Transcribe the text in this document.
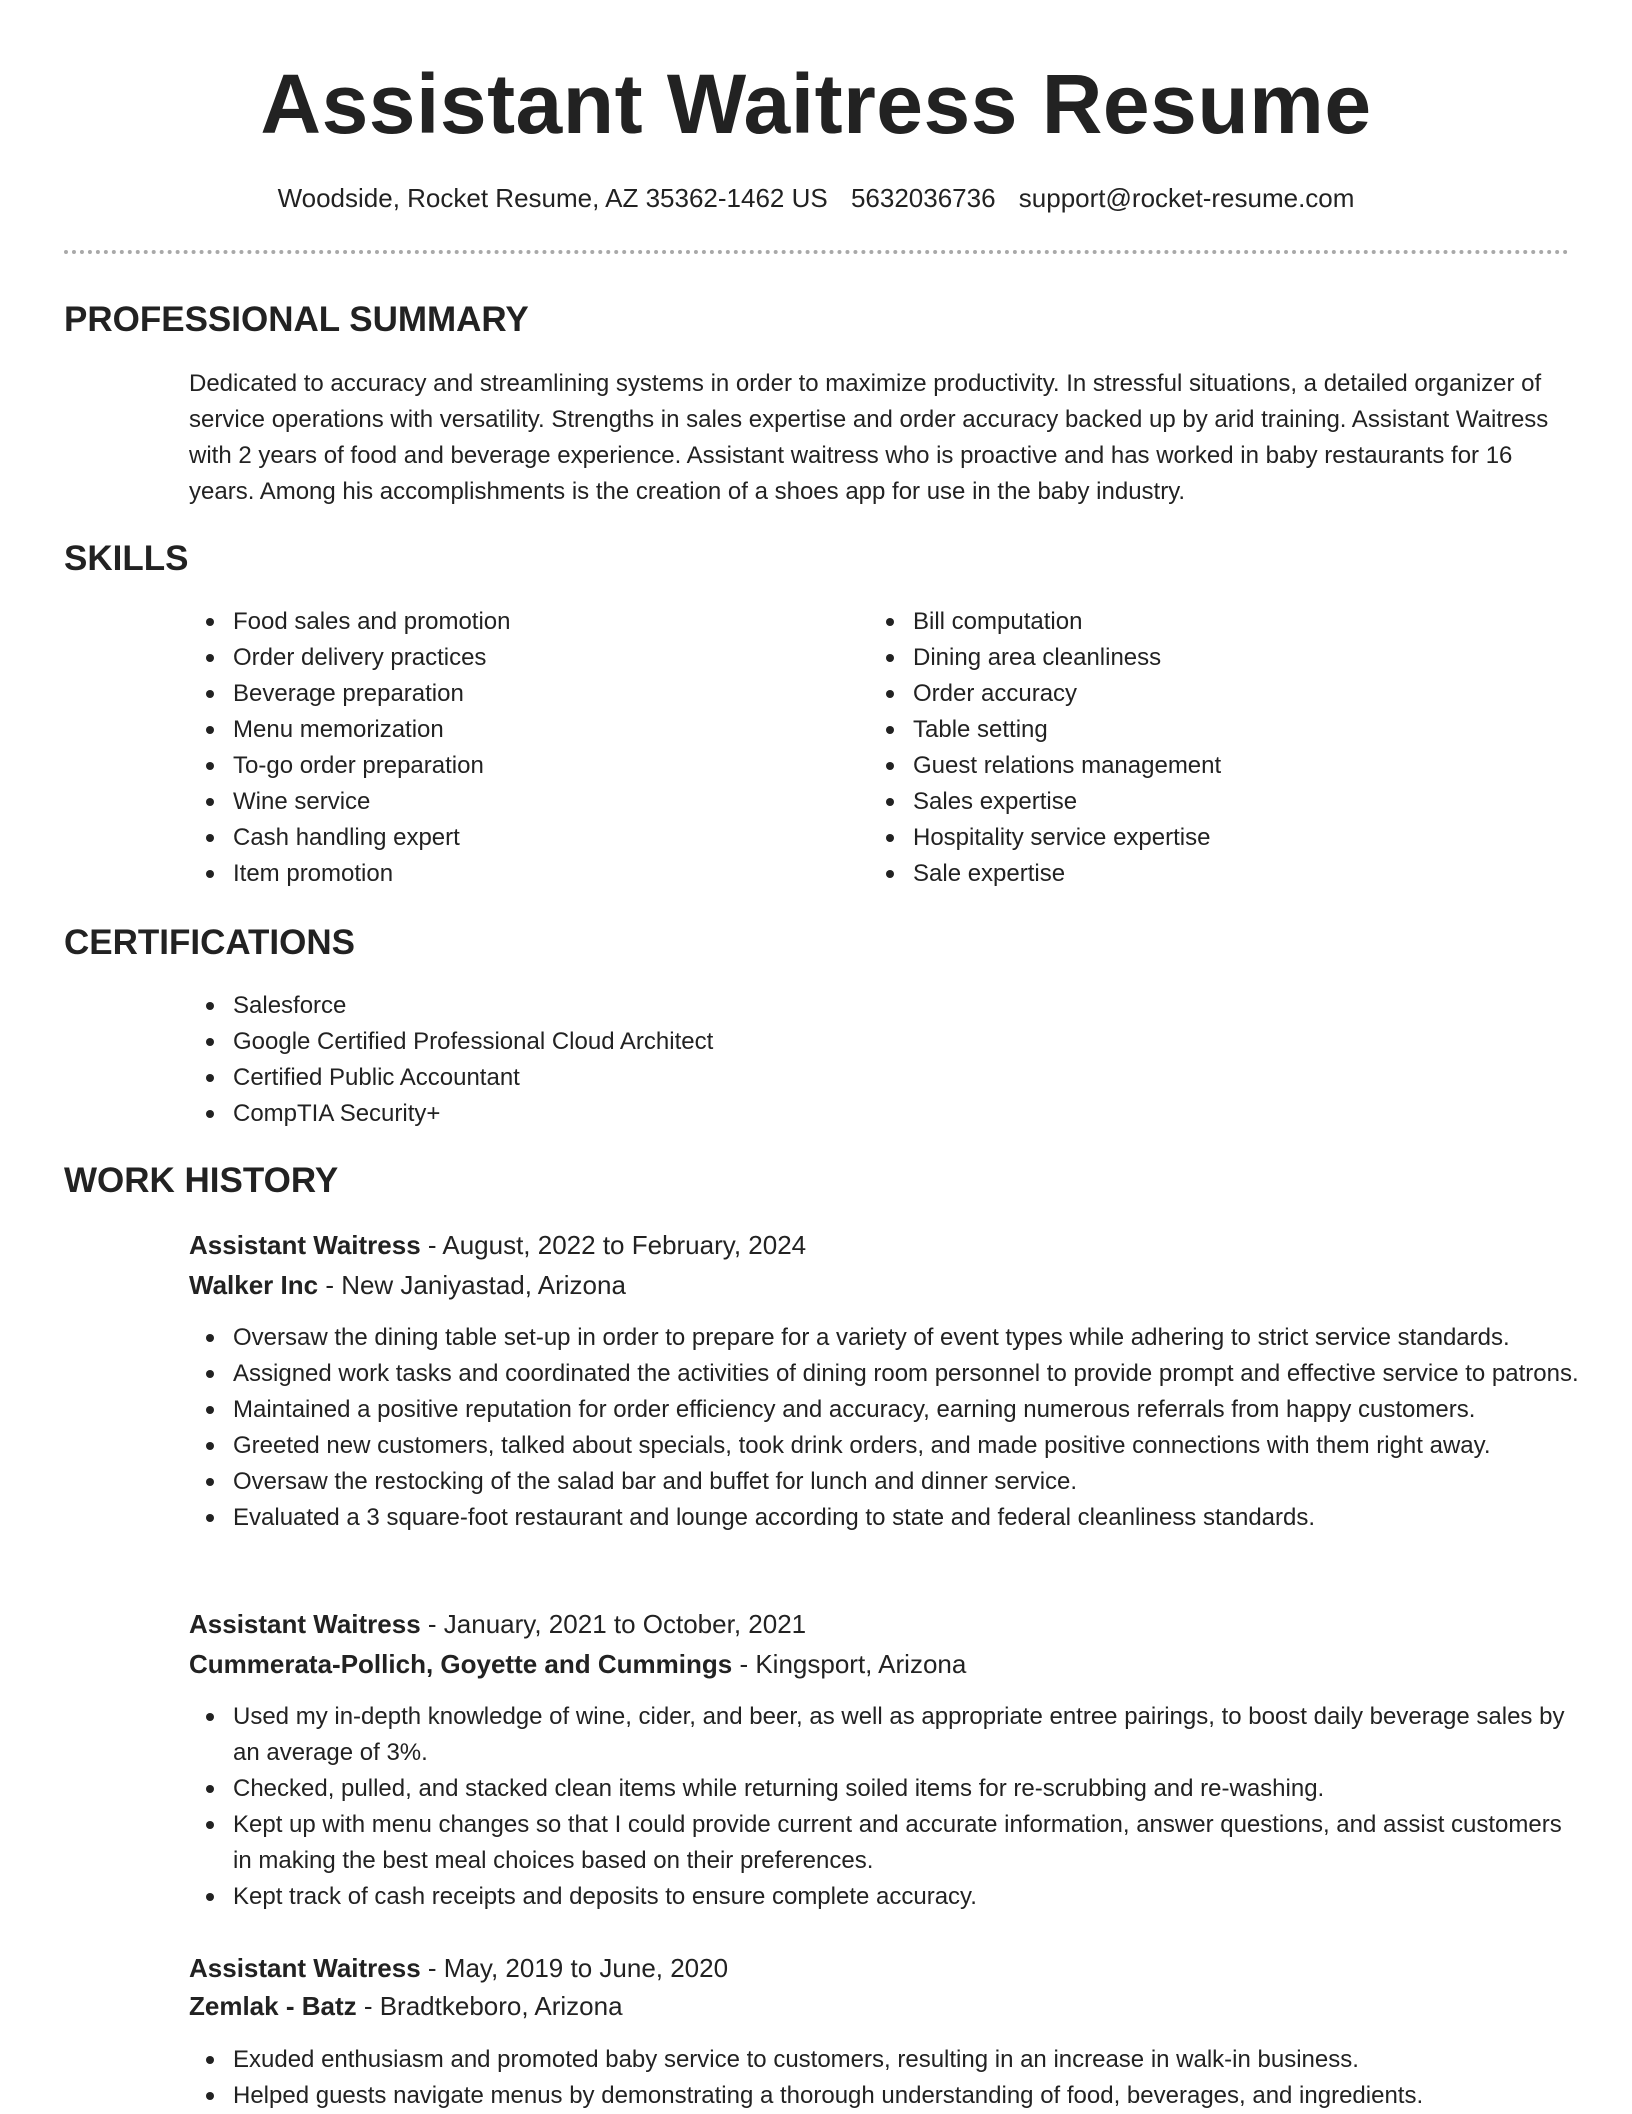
Assistant Waitress Resume
Woodside, Rocket Resume, AZ 35362-1462 US 5632036736 support@rocket-resume.com
PROFESSIONAL SUMMARY
Dedicated to accuracy and streamlining systems in order to maximize productivity. In stressful situations, a detailed organizer of service operations with versatility. Strengths in sales expertise and order accuracy backed up by arid training. Assistant Waitress with 2 years of food and beverage experience. Assistant waitress who is proactive and has worked in baby restaurants for 16 years. Among his accomplishments is the creation of a shoes app for use in the baby industry.
SKILLS
Food sales and promotion
Order delivery practices
Beverage preparation
Menu memorization
To-go order preparation
Wine service
Cash handling expert
Item promotion
Bill computation
Dining area cleanliness
Order accuracy
Table setting
Guest relations management
Sales expertise
Hospitality service expertise
Sale expertise
CERTIFICATIONS
Salesforce
Google Certified Professional Cloud Architect
Certified Public Accountant
CompTIA Security+
WORK HISTORY
Assistant Waitress - August, 2022 to February, 2024
Walker Inc - New Janiyastad, Arizona
Oversaw the dining table set-up in order to prepare for a variety of event types while adhering to strict service standards.
Assigned work tasks and coordinated the activities of dining room personnel to provide prompt and effective service to patrons.
Maintained a positive reputation for order efficiency and accuracy, earning numerous referrals from happy customers.
Greeted new customers, talked about specials, took drink orders, and made positive connections with them right away.
Oversaw the restocking of the salad bar and buffet for lunch and dinner service.
Evaluated a 3 square-foot restaurant and lounge according to state and federal cleanliness standards.
Assistant Waitress - January, 2021 to October, 2021
Cummerata-Pollich, Goyette and Cummings - Kingsport, Arizona
Used my in-depth knowledge of wine, cider, and beer, as well as appropriate entree pairings, to boost daily beverage sales by an average of 3%.
Checked, pulled, and stacked clean items while returning soiled items for re-scrubbing and re-washing.
Kept up with menu changes so that I could provide current and accurate information, answer questions, and assist customers in making the best meal choices based on their preferences.
Kept track of cash receipts and deposits to ensure complete accuracy.
Assistant Waitress - May, 2019 to June, 2020
Zemlak - Batz - Bradtkeboro, Arizona
Exuded enthusiasm and promoted baby service to customers, resulting in an increase in walk-in business.
Helped guests navigate menus by demonstrating a thorough understanding of food, beverages, and ingredients.
